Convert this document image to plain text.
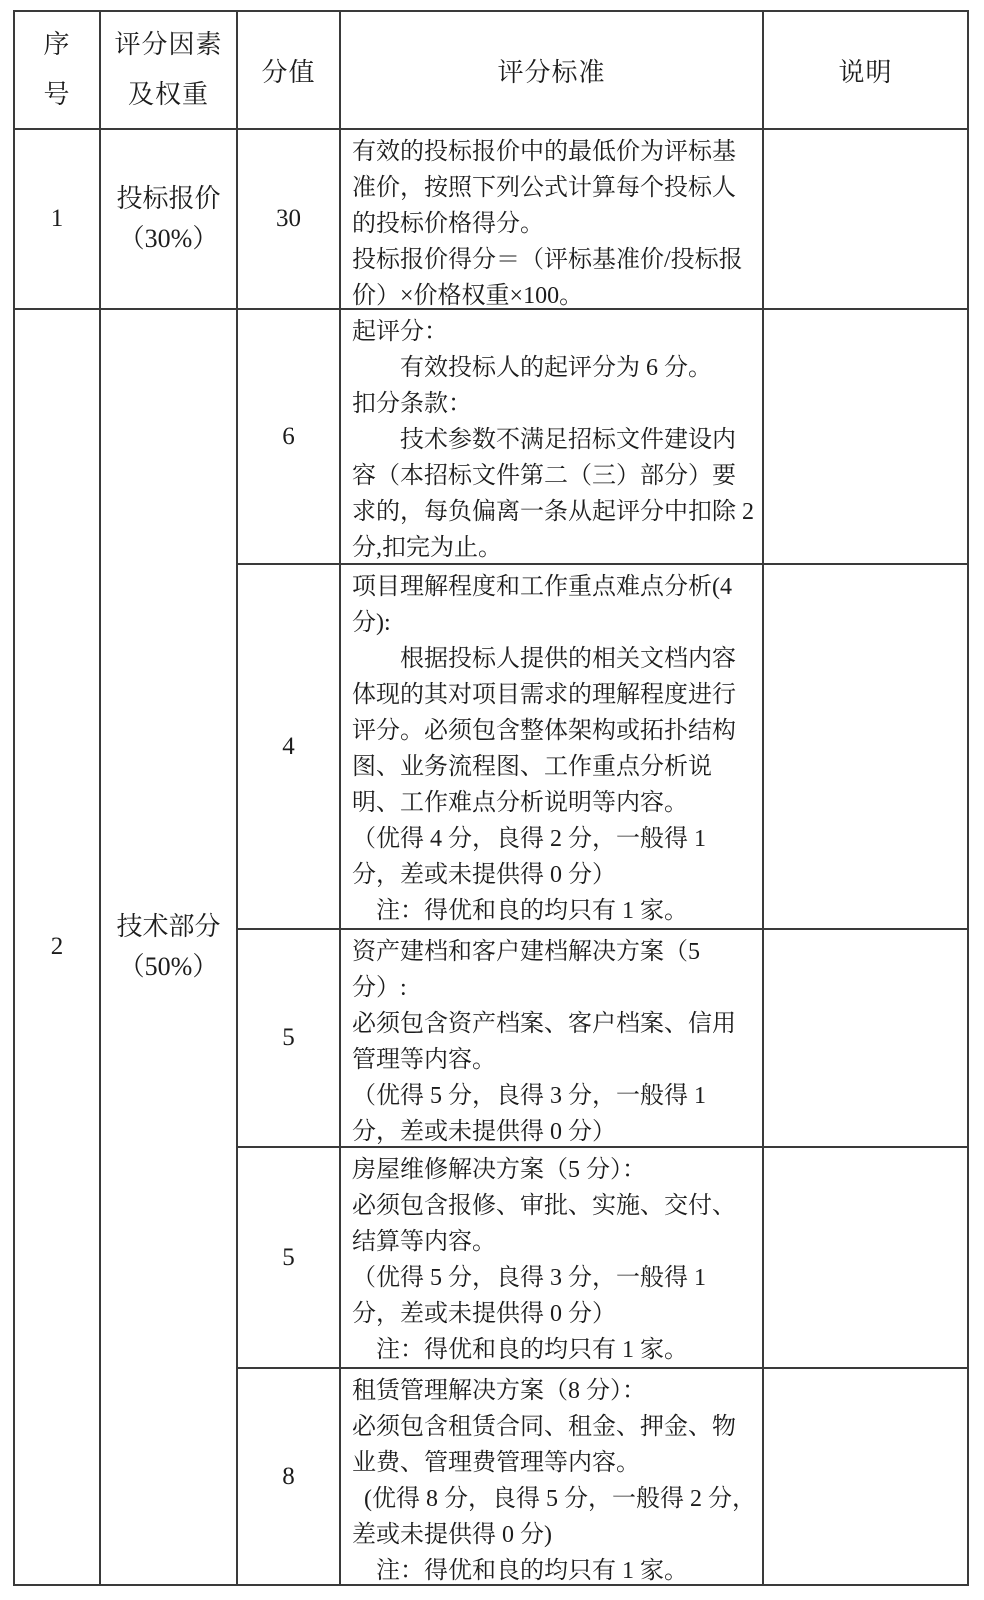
序
号
评分因素
及权重
分值	评分标准	说明
1
投标报价
（30%）
30

有效的投标报价中的最低价为评标基准价，按照下列公式计算每个投标人的投标价格得分。

投标报价得分＝（评标基准价/投标报价）×价格权重×100。

2
技术部分
（50%）
6

起评分：

有效投标人的起评分为 6 分。

扣分条款：

技术参数不满足招标文件建设内容（本招标文件第二（三）部分）要求的，每负偏离一条从起评分中扣除 2 分,扣完为止。

4

项目理解程度和工作重点难点分析(4 分):

根据投标人提供的相关文档内容体现的其对项目需求的理解程度进行评分。必须包含整体架构或拓扑结构图、业务流程图、工作重点分析说明、工作难点分析说明等内容。

（优得 4 分，良得 2 分，一般得 1 分，差或未提供得 0 分）

注：得优和良的均只有 1 家。

5

资产建档和客户建档解决方案（5 分）:

必须包含资产档案、客户档案、信用管理等内容。

（优得 5 分，良得 3 分，一般得 1 分，差或未提供得 0 分）

5

房屋维修解决方案（5 分）：

必须包含报修、审批、实施、交付、结算等内容。

（优得 5 分，良得 3 分，一般得 1 分，差或未提供得 0 分）

注：得优和良的均只有 1 家。

8

租赁管理解决方案（8 分）：

必须包含租赁合同、租金、押金、物业费、管理费管理等内容。

(优得 8 分，良得 5 分，一般得 2 分，差或未提供得 0 分)

注：得优和良的均只有 1 家。
